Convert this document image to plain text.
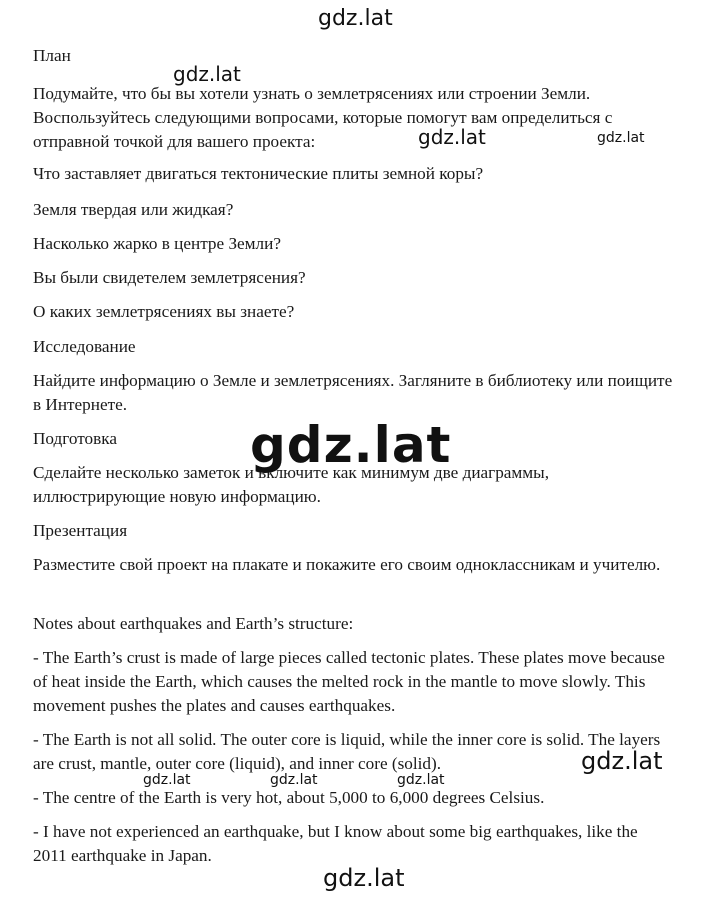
План

Подумайте, что бы вы хотели узнать о землетрясениях или строении Земли. Воспользуйтесь следующими вопросами, которые помогут вам определиться с отправной точкой для вашего проекта:

Что заставляет двигаться тектонические плиты земной коры?

Земля твердая или жидкая?

Насколько жарко в центре Земли?

Вы были свидетелем землетрясения?

О каких землетрясениях вы знаете?

Исследование

Найдите информацию о Земле и землетрясениях. Загляните в библиотеку или поищите в Интернете.

Подготовка

Сделайте несколько заметок и включите как минимум две диаграммы, иллюстрирующие новую информацию.

Презентация

Разместите свой проект на плакате и покажите его своим одноклассникам и учителю.

Notes about earthquakes and Earth’s structure:

- The Earth’s crust is made of large pieces called tectonic plates. These plates move because of heat inside the Earth, which causes the melted rock in the mantle to move slowly. This movement pushes the plates and causes earthquakes.

- The Earth is not all solid. The outer core is liquid, while the inner core is solid. The layers are crust, mantle, outer core (liquid), and inner core (solid).

- The centre of the Earth is very hot, about 5,000 to 6,000 degrees Celsius.

- I have not experienced an earthquake, but I know about some big earthquakes, like the 2011 earthquake in Japan.

gdz.lat
gdz.lat
gdz.lat	gdz.lat
gdz.lat
gdz.lat
gdz.lat	gdz.lat	gdz.lat
gdz.lat
